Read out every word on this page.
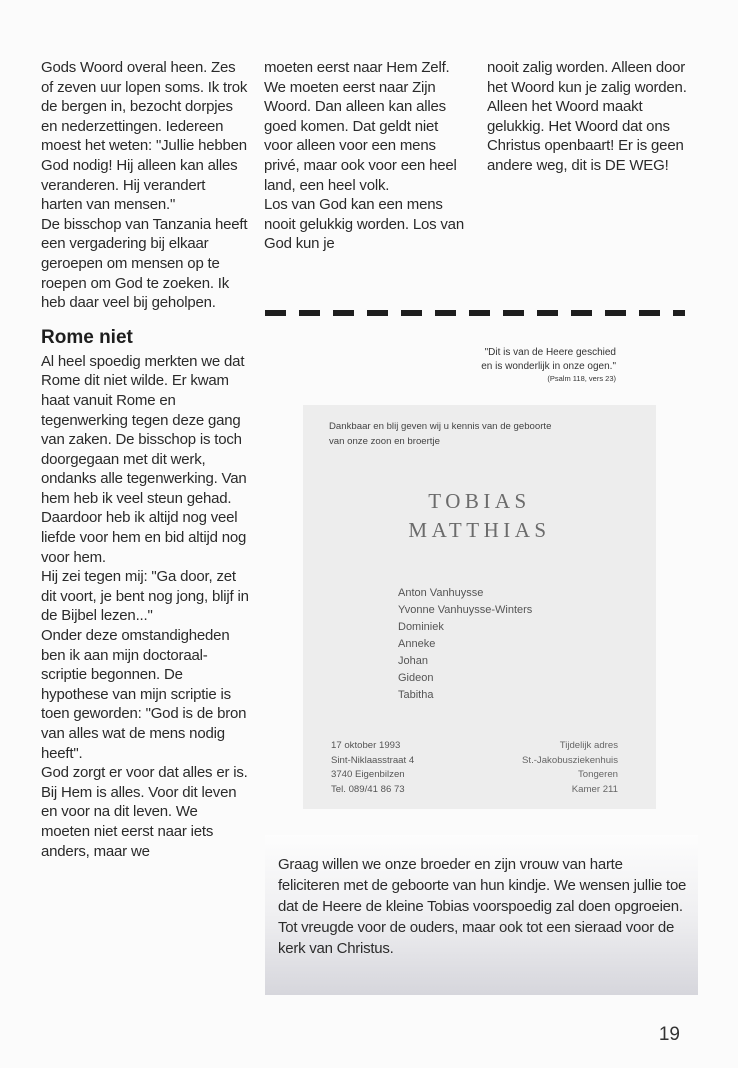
Gods Woord overal heen. Zes of zeven uur lopen soms. Ik trok de bergen in, bezocht dorpjes en nederzettingen. Iedereen moest het weten: "Jullie hebben God nodig! Hij alleen kan alles veranderen. Hij verandert harten van mensen."

De bisschop van Tanzania heeft een vergadering bij elkaar geroepen om mensen op te roepen om God te zoeken. Ik heb daar veel bij geholpen.

Rome niet

Al heel spoedig merkten we dat Rome dit niet wilde. Er kwam haat vanuit Rome en tegenwerking tegen deze gang van zaken. De bisschop is toch doorgegaan met dit werk, ondanks alle tegenwerking. Van hem heb ik veel steun gehad. Daardoor heb ik altijd nog veel liefde voor hem en bid altijd nog voor hem.

Hij zei tegen mij: "Ga door, zet dit voort, je bent nog jong, blijf in de Bijbel lezen..."

Onder deze omstandigheden ben ik aan mijn doctoraal-scriptie begonnen. De hypothese van mijn scriptie is toen geworden: "God is de bron van alles wat de mens nodig heeft".

God zorgt er voor dat alles er is. Bij Hem is alles. Voor dit leven en voor na dit leven. We moeten niet eerst naar iets anders, maar we

moeten eerst naar Hem Zelf. We moeten eerst naar Zijn Woord. Dan alleen kan alles goed komen. Dat geldt niet voor alleen voor een mens privé, maar ook voor een heel land, een heel volk.

Los van God kan een mens nooit gelukkig worden. Los van God kun je

nooit zalig worden. Alleen door het Woord kun je zalig worden.

Alleen het Woord maakt gelukkig. Het Woord dat ons Christus openbaart! Er is geen andere weg, dit is DE WEG!

"Dit is van de Heere geschied
en is wonderlijk in onze ogen."
(Psalm 118, vers 23)
Dankbaar en blij geven wij u kennis van de geboorte
van onze zoon en broertje
TOBIAS
MATTHIAS
Anton Vanhuysse
Yvonne Vanhuysse-Winters
Dominiek
Anneke
Johan
Gideon
Tabitha
17 oktober 1993
Sint-Niklaasstraat 4
3740 Eigenbilzen
Tel. 089/41 86 73
Tijdelijk adres
St.-Jakobusziekenhuis
Tongeren
Kamer 211

Graag willen we onze broeder en zijn vrouw van harte feliciteren met de geboorte van hun kindje. We wensen jullie toe dat de Heere de kleine Tobias voorspoedig zal doen opgroeien. Tot vreugde voor de ouders, maar ook tot een sieraad voor de kerk van Christus.

19
